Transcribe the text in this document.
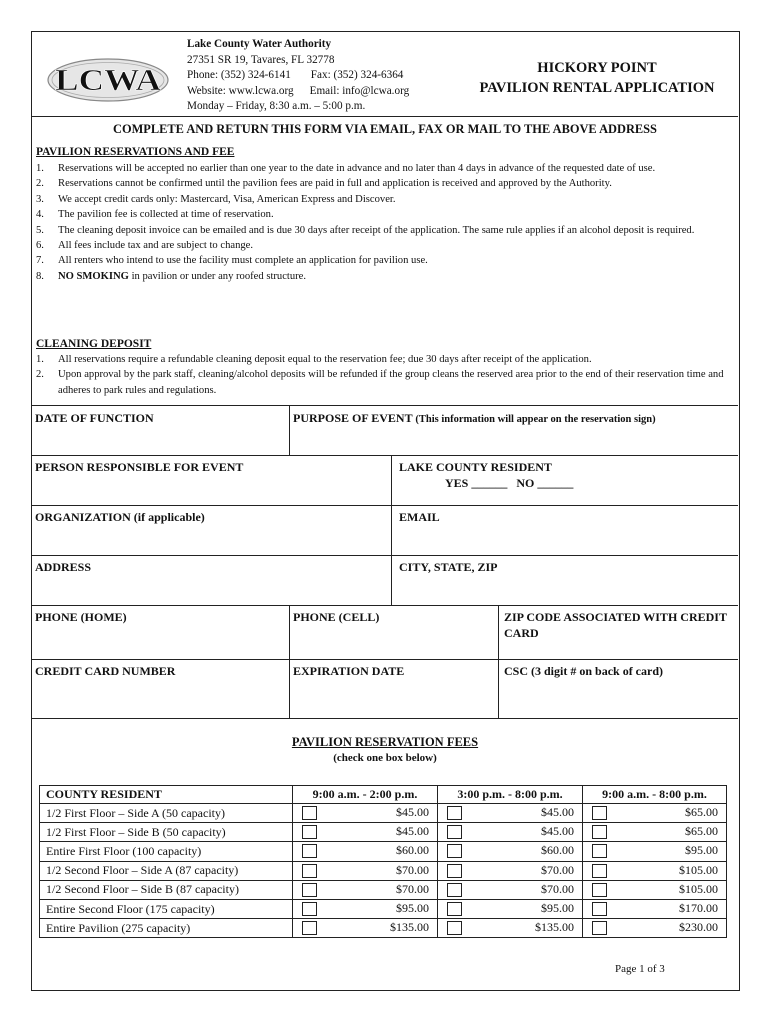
LCWA
Lake County Water Authority
27351 SR 19, Tavares, FL 32778
Phone: (352) 324-6141 Fax: (352) 324-6364
Website: www.lcwa.org Email: info@lcwa.org
Monday – Friday, 8:30 a.m. – 5:00 p.m.
HICKORY POINT
PAVILION RENTAL APPLICATION
COMPLETE AND RETURN THIS FORM VIA EMAIL, FAX OR MAIL TO THE ABOVE ADDRESS
PAVILION RESERVATIONS AND FEE
1. Reservations will be accepted no earlier than one year to the date in advance and no later than 4 days in advance of the requested date of use.
2. Reservations cannot be confirmed until the pavilion fees are paid in full and application is received and approved by the Authority.
3. We accept credit cards only: Mastercard, Visa, American Express and Discover.
4. The pavilion fee is collected at time of reservation.
5. The cleaning deposit invoice can be emailed and is due 30 days after receipt of the application. The same rule applies if an alcohol deposit is required.
6. All fees include tax and are subject to change.
7. All renters who intend to use the facility must complete an application for pavilion use.
8. NO SMOKING in pavilion or under any roofed structure.
CLEANING DEPOSIT
1. All reservations require a refundable cleaning deposit equal to the reservation fee; due 30 days after receipt of the application.
2. Upon approval by the park staff, cleaning/alcohol deposits will be refunded if the group cleans the reserved area prior to the end of their reservation time and adheres to park rules and regulations.
DATE OF FUNCTION	PURPOSE OF EVENT (This information will appear on the reservation sign)
PERSON RESPONSIBLE FOR EVENT	LAKE COUNTY RESIDENT
YES ______   NO ______
ORGANIZATION (if applicable)	EMAIL
ADDRESS	CITY, STATE, ZIP
PHONE (HOME)	PHONE (CELL)	ZIP CODE ASSOCIATED WITH CREDIT CARD
CREDIT CARD NUMBER	EXPIRATION DATE	CSC (3 digit # on back of card)
PAVILION RESERVATION FEES
(check one box below)
COUNTY RESIDENT	9:00 a.m. - 2:00 p.m.	3:00 p.m. - 8:00 p.m.	9:00 a.m. - 8:00 p.m.
1/2 First Floor – Side A (50 capacity)	$45.00	$45.00	$65.00

1/2 First Floor – Side B (50 capacity)	$45.00	$45.00	$65.00

Entire First Floor (100 capacity)	$60.00	$60.00	$95.00

1/2 Second Floor – Side A (87 capacity)	$70.00	$70.00	$105.00

1/2 Second Floor – Side B (87 capacity)	$70.00	$70.00	$105.00

Entire Second Floor (175 capacity)	$95.00	$95.00	$170.00

Entire Pavilion (275 capacity)	$135.00	$135.00	$230.00
Page 1 of 3
